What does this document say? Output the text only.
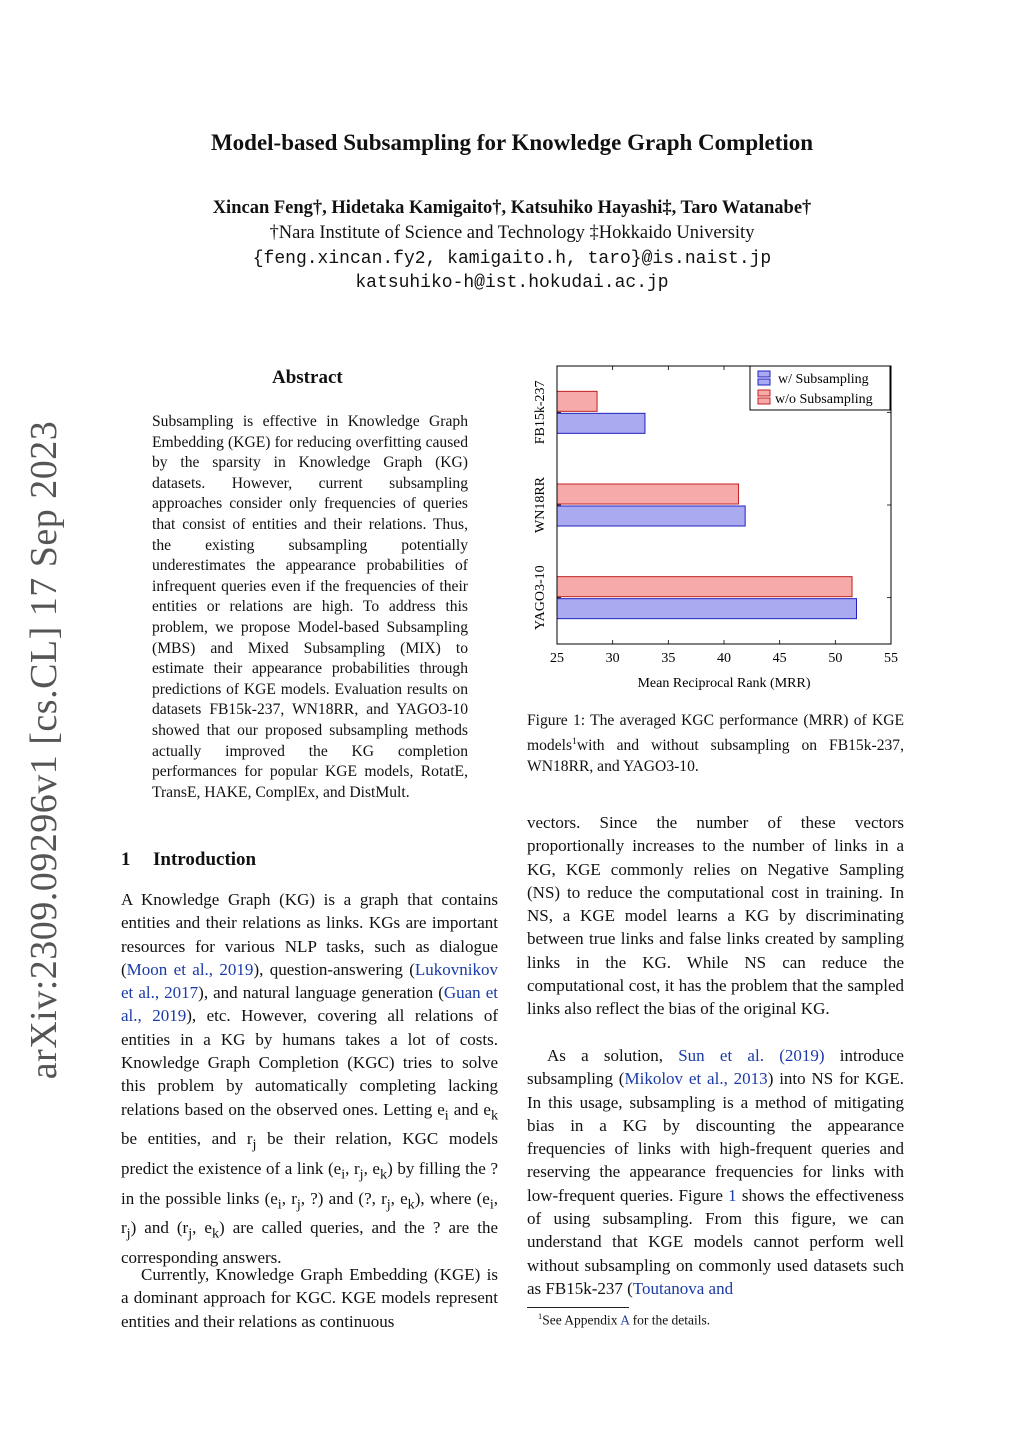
Model-based Subsampling for Knowledge Graph Completion
Xincan Feng†, Hidetaka Kamigaito†, Katsuhiko Hayashi‡, Taro Watanabe†
†Nara Institute of Science and Technology ‡Hokkaido University
{feng.xincan.fy2, kamigaito.h, taro}@is.naist.jp
katsuhiko-h@ist.hokudai.ac.jp
arXiv:2309.09296v1 [cs.CL] 17 Sep 2023
Abstract
Subsampling is effective in Knowledge Graph Embedding (KGE) for reducing overfitting caused by the sparsity in Knowledge Graph (KG) datasets. However, current subsampling approaches consider only frequencies of queries that consist of entities and their relations. Thus, the existing subsampling potentially underestimates the appearance probabilities of infrequent queries even if the frequencies of their entities or relations are high. To address this problem, we propose Model-based Subsampling (MBS) and Mixed Subsampling (MIX) to estimate their appearance probabilities through predictions of KGE models. Evaluation results on datasets FB15k-237, WN18RR, and YAGO3-10 showed that our proposed subsampling methods actually improved the KG completion performances for popular KGE models, RotatE, TransE, HAKE, ComplEx, and DistMult.
1 Introduction
A Knowledge Graph (KG) is a graph that contains entities and their relations as links. KGs are important resources for various NLP tasks, such as dialogue (Moon et al., 2019), question-answering (Lukovnikov et al., 2017), and natural language generation (Guan et al., 2019), etc. However, covering all relations of entities in a KG by humans takes a lot of costs. Knowledge Graph Completion (KGC) tries to solve this problem by automatically completing lacking relations based on the observed ones. Letting $e_i$ and $e_k$ be entities, and $r_j$ be their relation, KGC models predict the existence of a link ($e_i$, $r_j$, $e_k$) by filling the ? in the possible links ($e_i$, $r_j$, ?) and (?, $r_j$, $e_k$), where ($e_i$, $r_j$) and ($r_j$, $e_k$) are called queries, and the ? are the corresponding answers.
Currently, Knowledge Graph Embedding (KGE) is a dominant approach for KGC. KGE models represent entities and their relations as continuous
25	30	35	40	45	50	55
FB15k-237
WN18RR
YAGO3-10
Mean Reciprocal Rank (MRR)
w/ Subsampling
w/o Subsampling
Figure 1: The averaged KGC performance (MRR) of KGE models$^1$with and without subsampling on FB15k-237, WN18RR, and YAGO3-10.
vectors. Since the number of these vectors proportionally increases to the number of links in a KG, KGE commonly relies on Negative Sampling (NS) to reduce the computational cost in training. In NS, a KGE model learns a KG by discriminating between true links and false links created by sampling links in the KG. While NS can reduce the computational cost, it has the problem that the sampled links also reflect the bias of the original KG.
As a solution, Sun et al. (2019) introduce subsampling (Mikolov et al., 2013) into NS for KGE. In this usage, subsampling is a method of mitigating bias in a KG by discounting the appearance frequencies of links with high-frequent queries and reserving the appearance frequencies for links with low-frequent queries. Figure 1 shows the effectiveness of using subsampling. From this figure, we can understand that KGE models cannot perform well without subsampling on commonly used datasets such as FB15k-237 (Toutanova and
$^1$See Appendix A for the details.
